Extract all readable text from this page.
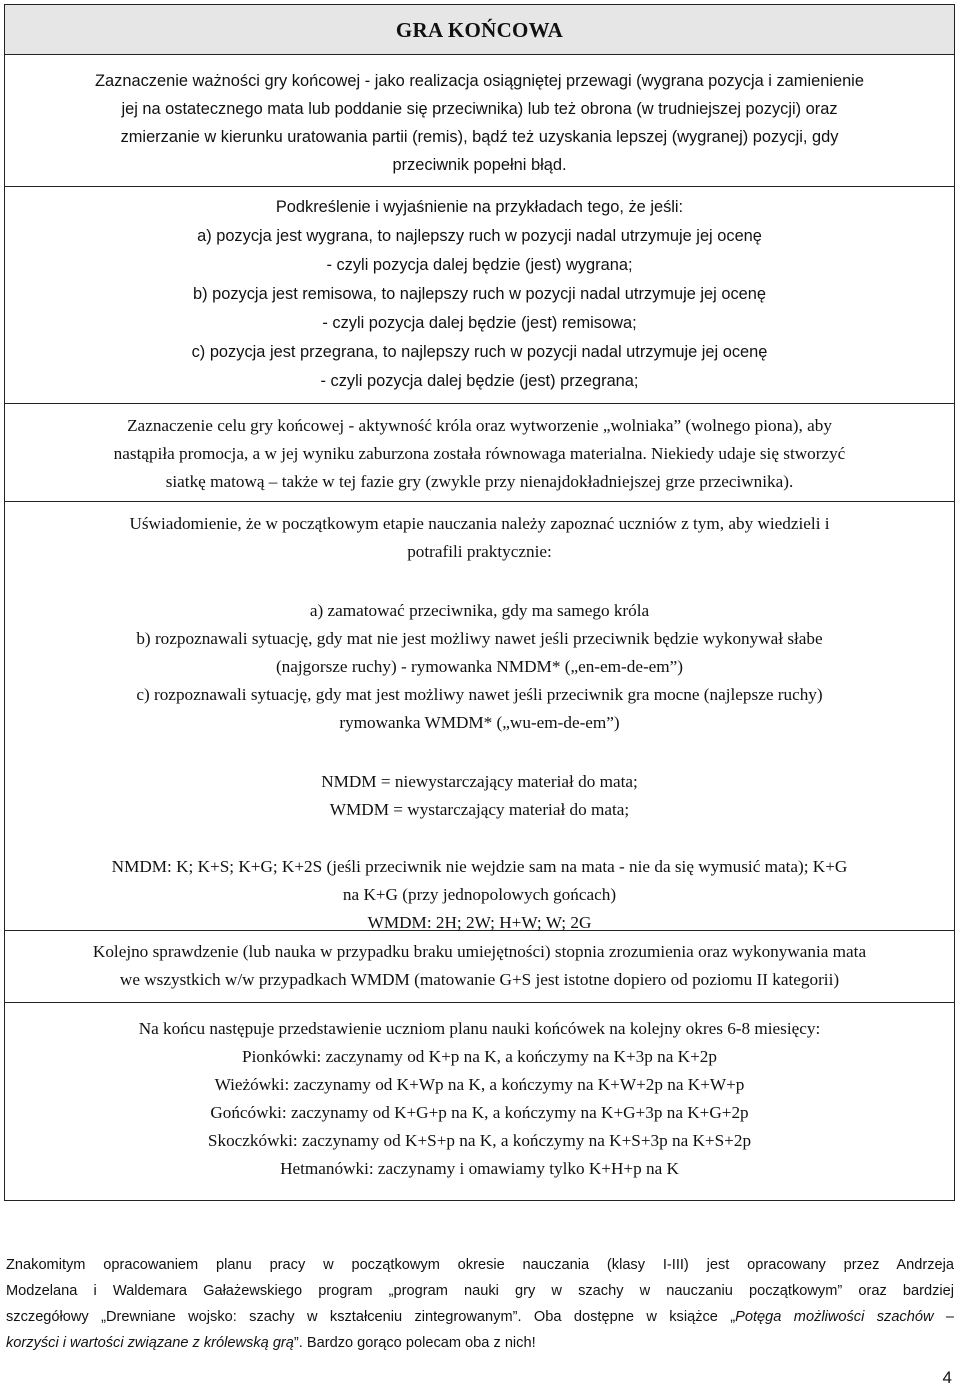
GRA KOŃCOWA
Zaznaczenie ważności gry końcowej - jako realizacja osiągniętej przewagi (wygrana pozycja i zamienienie
jej na ostatecznego mata lub poddanie się przeciwnika) lub też obrona (w trudniejszej pozycji) oraz
zmierzanie w kierunku uratowania partii (remis), bądź też uzyskania lepszej (wygranej) pozycji, gdy
przeciwnik popełni błąd.
Podkreślenie i wyjaśnienie na przykładach tego, że jeśli:
a) pozycja jest wygrana, to najlepszy ruch w pozycji nadal utrzymuje jej ocenę
- czyli pozycja dalej będzie (jest) wygrana;
b) pozycja jest remisowa, to najlepszy ruch w pozycji nadal utrzymuje jej ocenę
- czyli pozycja dalej będzie (jest) remisowa;
c) pozycja jest przegrana, to najlepszy ruch w pozycji nadal utrzymuje jej ocenę
- czyli pozycja dalej będzie (jest) przegrana;
Zaznaczenie celu gry końcowej - aktywność króla oraz wytworzenie „wolniaka” (wolnego piona), aby
nastąpiła promocja, a w jej wyniku zaburzona została równowaga materialna. Niekiedy udaje się stworzyć
siatkę matową – także w tej fazie gry (zwykle przy nienajdokładniejszej grze przeciwnika).
Uświadomienie, że w początkowym etapie nauczania należy zapoznać uczniów z tym, aby wiedzieli i
potrafili praktycznie:
a) zamatować przeciwnika, gdy ma samego króla
b) rozpoznawali sytuację, gdy mat nie jest możliwy nawet jeśli przeciwnik będzie wykonywał słabe
(najgorsze ruchy) - rymowanka NMDM* („en-em-de-em”)
c) rozpoznawali sytuację, gdy mat jest możliwy nawet jeśli przeciwnik gra mocne (najlepsze ruchy)
rymowanka WMDM* („wu-em-de-em”)
NMDM = niewystarczający materiał do mata;
WMDM = wystarczający materiał do mata;
NMDM: K; K+S; K+G; K+2S (jeśli przeciwnik nie wejdzie sam na mata - nie da się wymusić mata); K+G
na K+G (przy jednopolowych gońcach)
WMDM: 2H; 2W; H+W; W; 2G
Kolejno sprawdzenie (lub nauka w przypadku braku umiejętności) stopnia zrozumienia oraz wykonywania mata
we wszystkich w/w przypadkach WMDM (matowanie G+S jest istotne dopiero od poziomu II kategorii)
Na końcu następuje przedstawienie uczniom planu nauki końcówek na kolejny okres 6-8 miesięcy:
Pionkówki: zaczynamy od K+p na K, a kończymy na K+3p na K+2p
Wieżówki: zaczynamy od K+Wp na K, a kończymy na K+W+2p na K+W+p
Gońcówki: zaczynamy od K+G+p na K, a kończymy na K+G+3p na K+G+2p
Skoczkówki: zaczynamy od K+S+p na K, a kończymy na K+S+3p na K+S+2p
Hetmanówki: zaczynamy i omawiamy tylko K+H+p na K
Znakomitym opracowaniem planu pracy w początkowym okresie nauczania (klasy I-III) jest opracowany przez Andrzeja
Modzelana i Waldemara Gałażewskiego program „program nauki gry w szachy w nauczaniu początkowym” oraz bardziej
szczegółowy „Drewniane wojsko: szachy w kształceniu zintegrowanym”. Oba dostępne w książce „Potęga możliwości szachów –
korzyści i wartości związane z królewską grą”. Bardzo gorąco polecam oba z nich!
4
